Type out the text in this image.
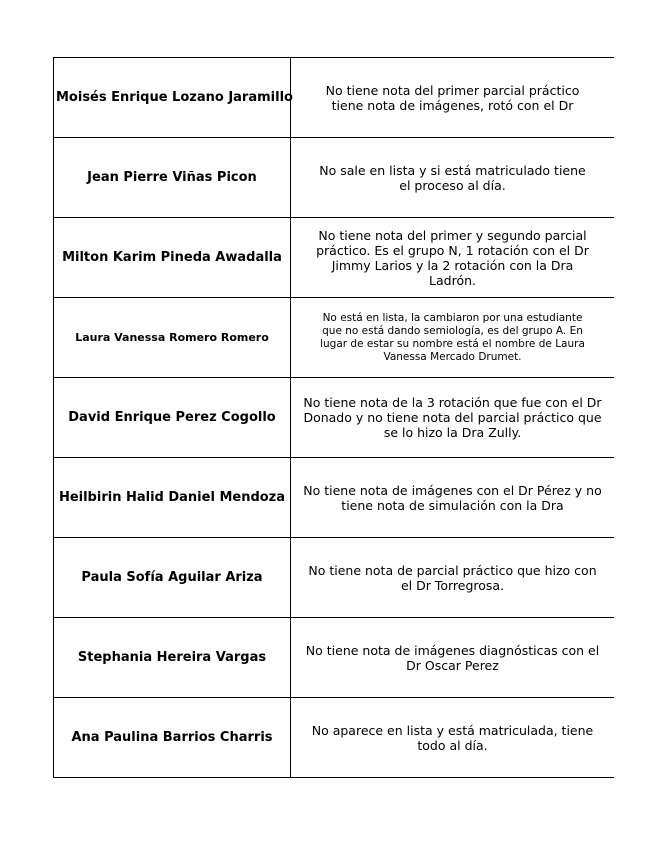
Moisés Enrique Lozano Jaramillo	No tiene nota del primer parcial práctico
tiene nota de imágenes, rotó con el Dr

Jean Pierre Viñas Picon	No sale en lista y si está matriculado tiene
el proceso al día.

Milton Karim Pineda Awadalla	No tiene nota del primer y segundo parcial
práctico. Es el grupo N, 1 rotación con el Dr
Jimmy Larios y la 2 rotación con la Dra
Ladrón.

Laura Vanessa Romero Romero	No está en lista, la cambiaron por una estudiante
que no está dando semiología, es del grupo A. En
lugar de estar su nombre está el nombre de Laura
Vanessa Mercado Drumet.

David Enrique Perez Cogollo	No tiene nota de la 3 rotación que fue con el Dr
Donado y no tiene nota del parcial práctico que
se lo hizo la Dra Zully.

Heilbirin Halid Daniel Mendoza	No tiene nota de imágenes con el Dr Pérez y no
tiene nota de simulación con la Dra

Paula Sofía Aguilar Ariza	No tiene nota de parcial práctico que hizo con
el Dr Torregrosa.

Stephania Hereira Vargas	No tiene nota de imágenes diagnósticas con el
Dr Oscar Perez

Ana Paulina Barrios Charris	No aparece en lista y está matriculada, tiene
todo al día.
